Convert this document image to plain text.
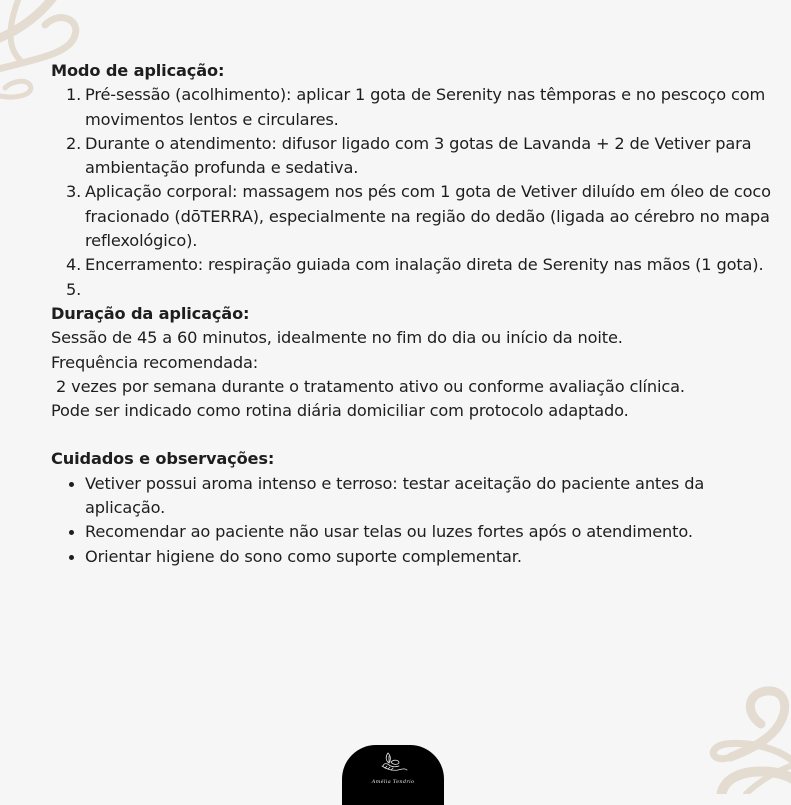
Modo de aplicação:

1. Pré-sessão (acolhimento): aplicar 1 gota de Serenity nas têmporas e no pescoço com movimentos lentos e circulares.
2. Durante o atendimento: difusor ligado com 3 gotas de Lavanda + 2 de Vetiver para ambientação profunda e sedativa.
3. Aplicação corporal: massagem nos pés com 1 gota de Vetiver diluído em óleo de coco fracionado (dōTERRA), especialmente na região do dedão (ligada ao cérebro no mapa reflexológico).
4. Encerramento: respiração guiada com inalação direta de Serenity nas mãos (1 gota).
5.

Duração da aplicação:

Sessão de 45 a 60 minutos, idealmente no fim do dia ou início da noite.

Frequência recomendada:

2 vezes por semana durante o tratamento ativo ou conforme avaliação clínica.

Pode ser indicado como rotina diária domiciliar com protocolo adaptado.

Cuidados e observações:

Vetiver possui aroma intenso e terroso: testar aceitação do paciente antes da aplicação.
Recomendar ao paciente não usar telas ou luzes fortes após o atendimento.
Orientar higiene do sono como suporte complementar.
Amélia Tendrio
